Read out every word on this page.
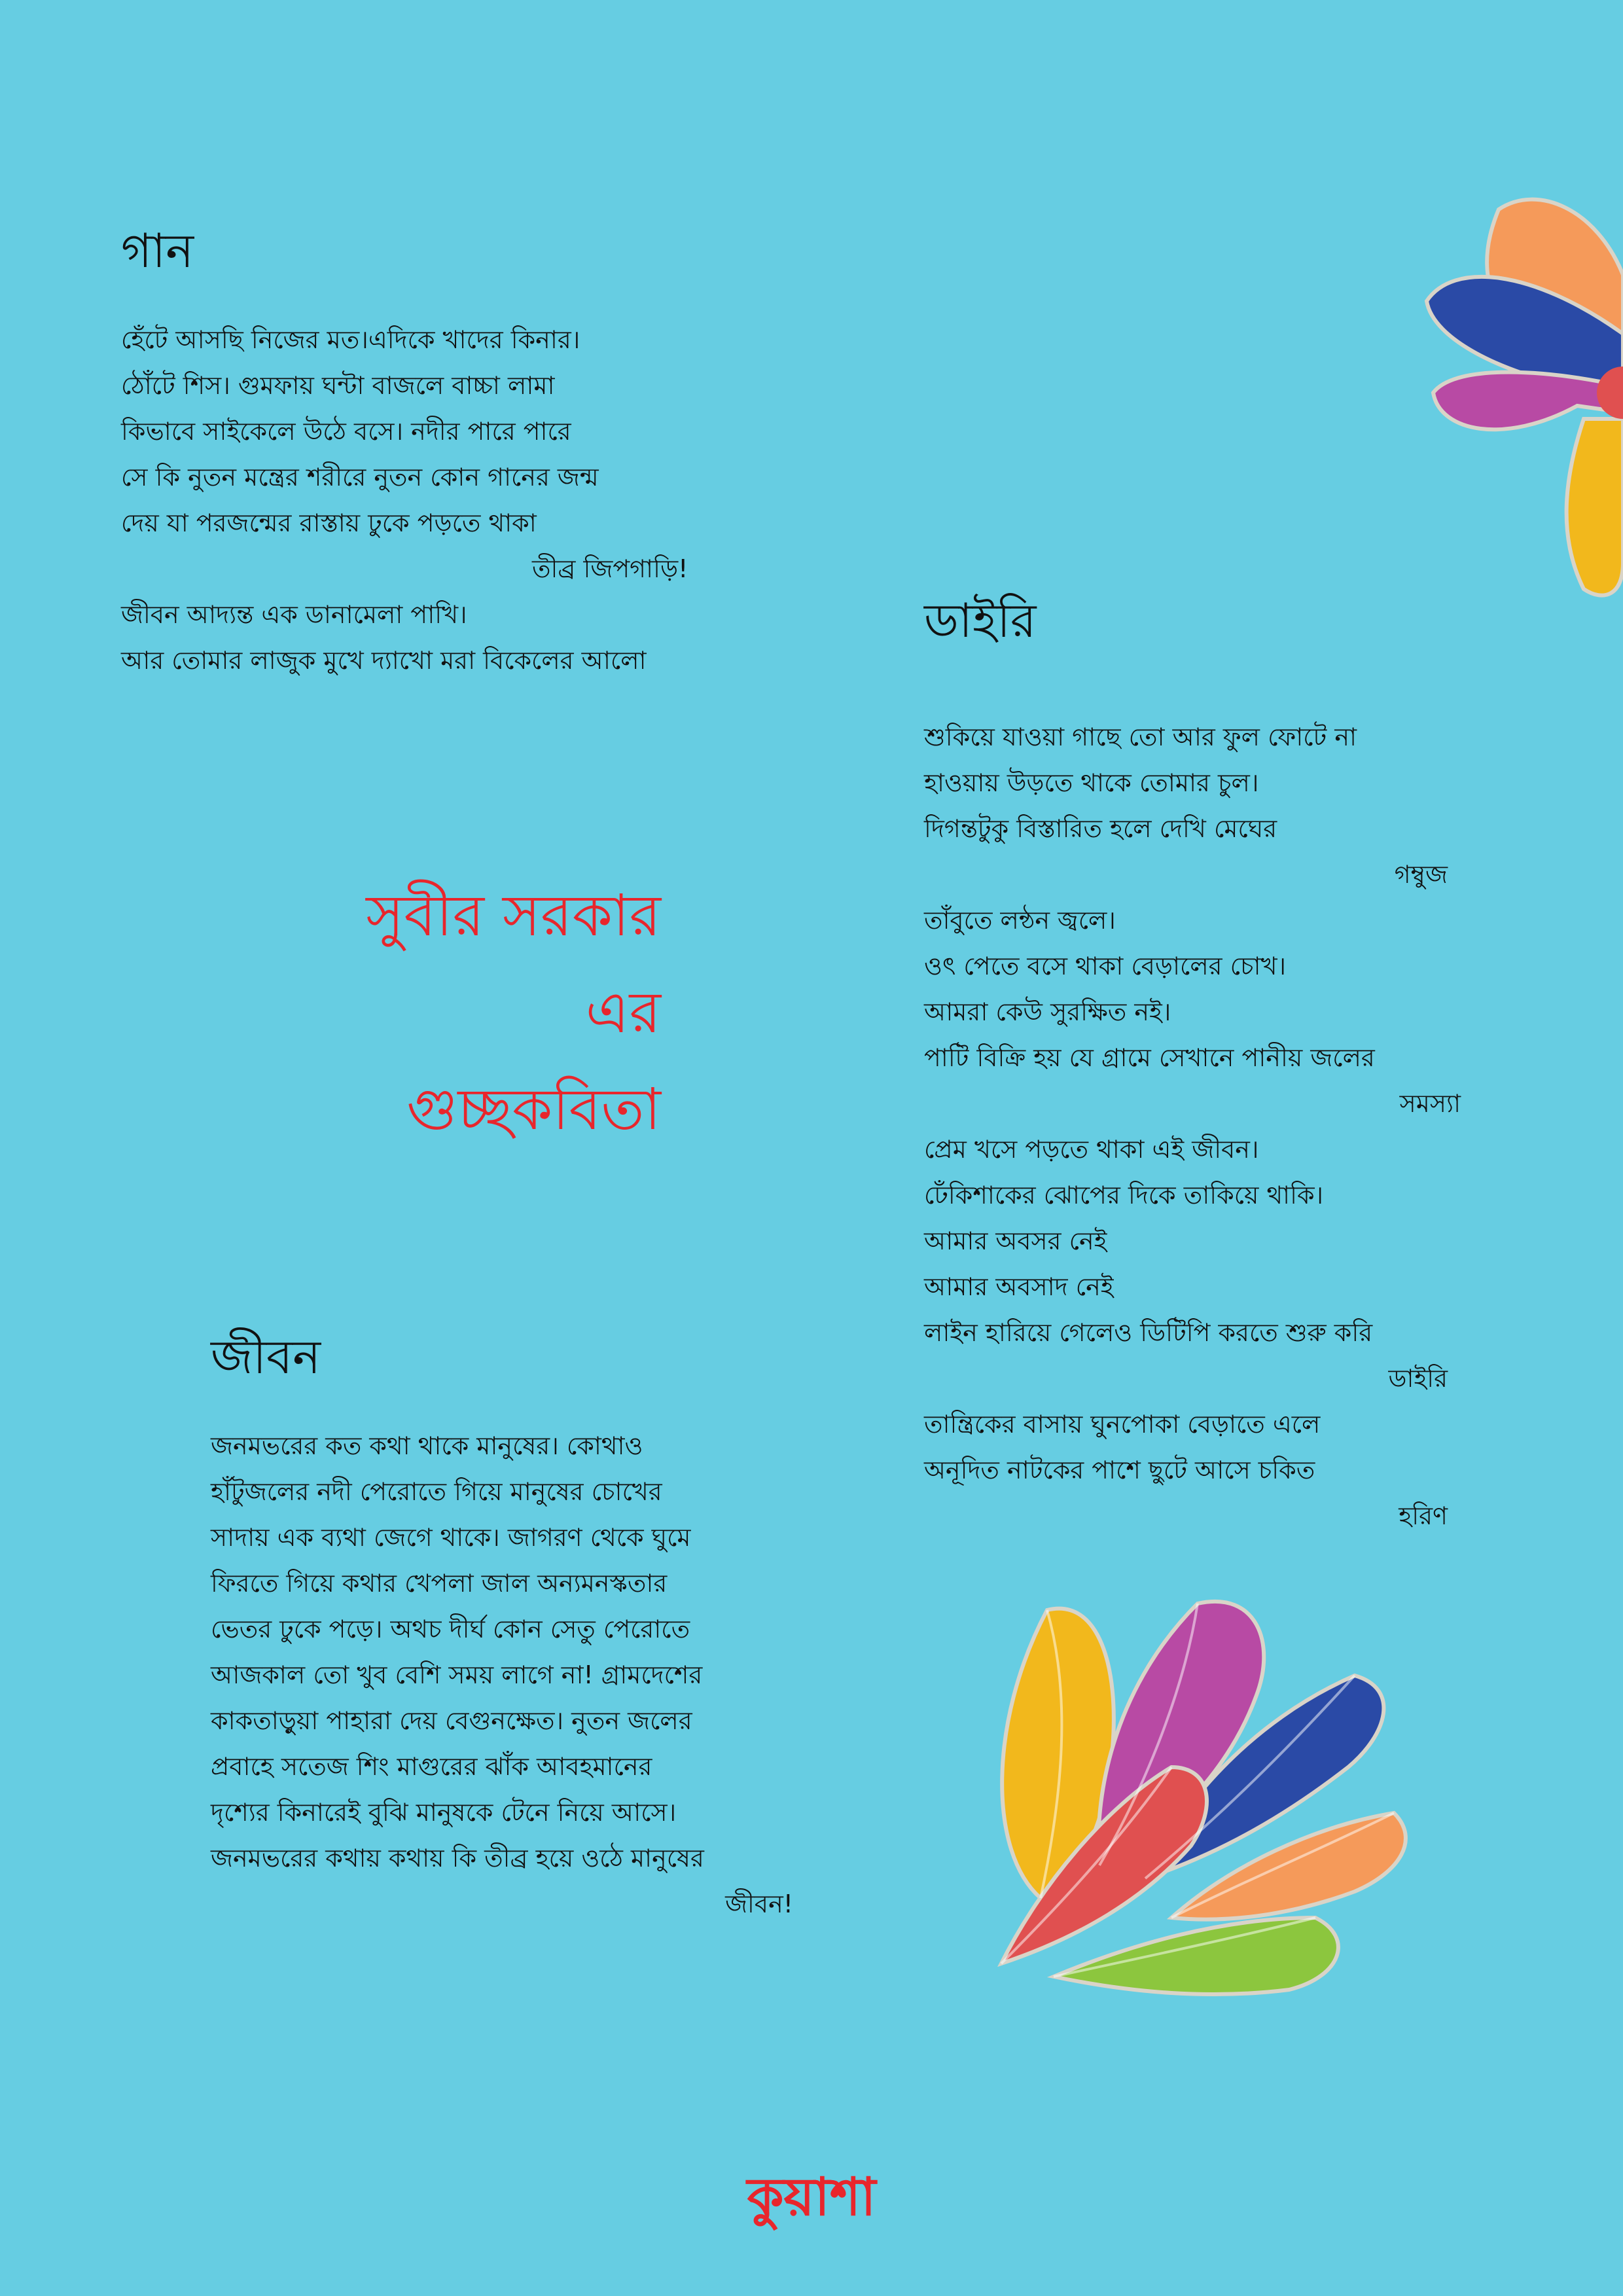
গান
হেঁটে আসছি নিজের মত।এদিকে খাদের কিনার।
ঠোঁটে শিস। গুমফায় ঘন্টা বাজলে বাচ্চা লামা
কিভাবে সাইকেলে উঠে বসে। নদীর পারে পারে
সে কি নুতন মন্ত্রের শরীরে নুতন কোন গানের জন্ম
দেয় যা পরজন্মের রাস্তায় ঢুকে পড়তে থাকা
তীব্র জিপগাড়ি!
জীবন আদ্যন্ত এক ডানামেলা পাখি।
আর তোমার লাজুক মুখে দ্যাখো মরা বিকেলের আলো
সুবীর সরকার
এর
গুচ্ছকবিতা
জীবন
জনমভরের কত কথা থাকে মানুষের। কোথাও
হাঁটুজলের নদী পেরোতে গিয়ে মানুষের চোখের
সাদায় এক ব্যথা জেগে থাকে। জাগরণ থেকে ঘুমে
ফিরতে গিয়ে কথার খেপলা জাল অন্যমনস্কতার
ভেতর ঢুকে পড়ে। অথচ দীর্ঘ কোন সেতু পেরোতে
আজকাল তো খুব বেশি সময় লাগে না! গ্রামদেশের
কাকতাড়ুয়া পাহারা দেয় বেগুনক্ষেত। নুতন জলের
প্রবাহে সতেজ শিং মাগুরের ঝাঁক আবহমানের
দৃশ্যের কিনারেই বুঝি মানুষকে টেনে নিয়ে আসে।
জনমভরের কথায় কথায় কি তীব্র হয়ে ওঠে মানুষের
জীবন!
ডাইরি
শুকিয়ে যাওয়া গাছে তো আর ফুল ফোটে না
হাওয়ায় উড়তে থাকে তোমার চুল।
দিগন্তটুকু বিস্তারিত হলে দেখি মেঘের
গম্বুজ
তাঁবুতে লন্ঠন জ্বলে।
ওৎ পেতে বসে থাকা বেড়ালের চোখ।
আমরা কেউ সুরক্ষিত নই।
পাটি বিক্রি হয় যে গ্রামে সেখানে পানীয় জলের
সমস্যা
প্রেম খসে পড়তে থাকা এই জীবন।
ঢেঁকিশাকের ঝোপের দিকে তাকিয়ে থাকি।
আমার অবসর নেই
আমার অবসাদ নেই
লাইন হারিয়ে গেলেও ডিটিপি করতে শুরু করি
ডাইরি
তান্ত্রিকের বাসায় ঘুনপোকা বেড়াতে এলে
অনূদিত নাটকের পাশে ছুটে আসে চকিত
হরিণ
কুয়াশা
